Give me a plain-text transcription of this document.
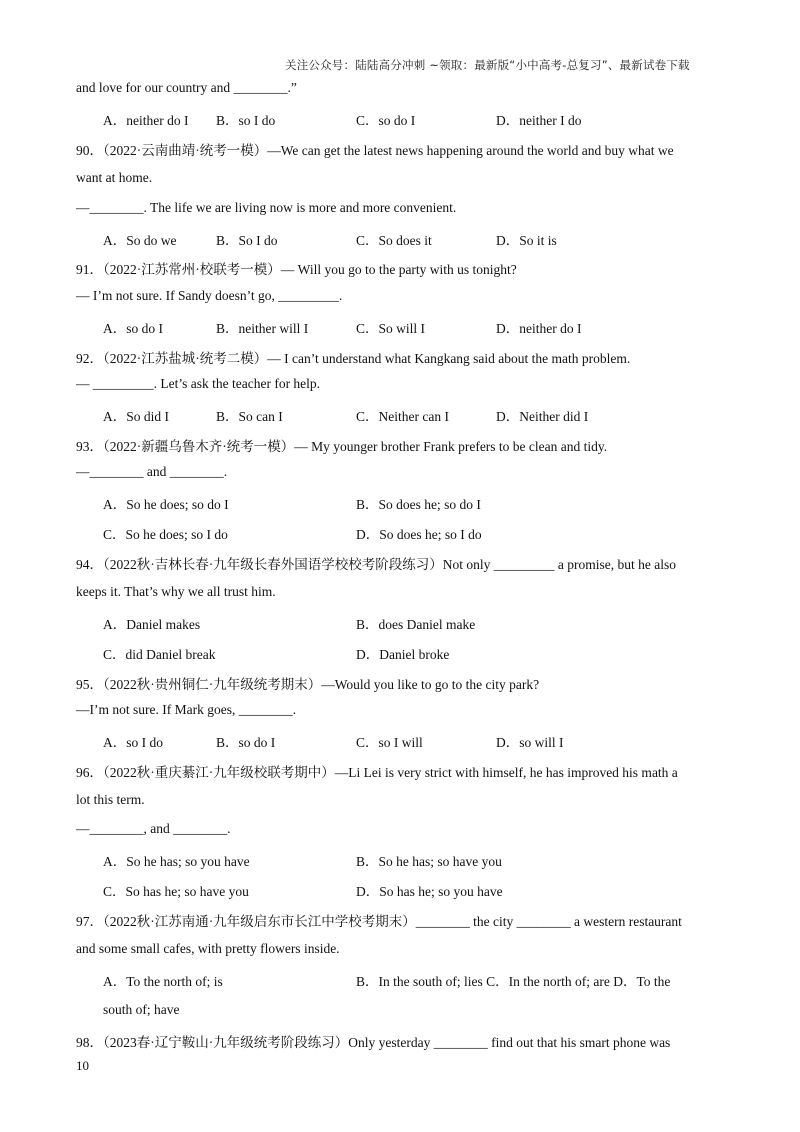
关注公众号：陆陆高分冲刺 ~领取：最新版“小中高考-总复习”、最新试卷下载
and love for our country and ________.”
A．neither do I B．so I do	C．so do I	D．neither I do
90．（2022·云南曲靖·统考一模）—We can get the latest news happening around the world and buy what we
want at home.
—________. The life we are living now is more and more convenient.
A．So do we	B．So I do	C．So does it	D．So it is
91．（2022·江苏常州·校联考一模）— Will you go to the party with us tonight?
— I’m not sure. If Sandy doesn’t go, _________.
A．so do I	B．neither will I	C．So will I	D．neither do I
92．（2022·江苏盐城·统考二模）— I can’t understand what Kangkang said about the math problem.
— _________. Let’s ask the teacher for help.
A．So did I	B．So can I	C．Neither can I	D．Neither did I
93．（2022·新疆乌鲁木齐·统考一模）— My younger brother Frank prefers to be clean and tidy.
—________ and ________.
A．So he does; so do I	B．So does he; so do I
C．So he does; so I do	D．So does he; so I do
94．（2022秋·吉林长春·九年级长春外国语学校校考阶段练习）Not only _________ a promise, but he also
keeps it. That’s why we all trust him.
A．Daniel makes	B．does Daniel make
C．did Daniel break	D．Daniel broke
95．（2022秋·贵州铜仁·九年级统考期末）—Would you like to go to the city park?
—I’m not sure. If Mark goes, ________.
A．so I do	B．so do I	C．so I will	D．so will I
96．（2022秋·重庆綦江·九年级校联考期中）—Li Lei is very strict with himself, he has improved his math a
lot this term.
—________, and ________.
A．So he has; so you have	B．So he has; so have you
C．So has he; so have you	D．So has he; so you have
97．（2022秋·江苏南通·九年级启东市长江中学校考期末）________ the city ________ a western restaurant
and some small cafes, with pretty flowers inside.
A．To the north of; is	B．In the south of; lies C．In the north of; are D．To the
south of; have
98．（2023春·辽宁鞍山·九年级统考阶段练习）Only yesterday ________ find out that his smart phone was
10
